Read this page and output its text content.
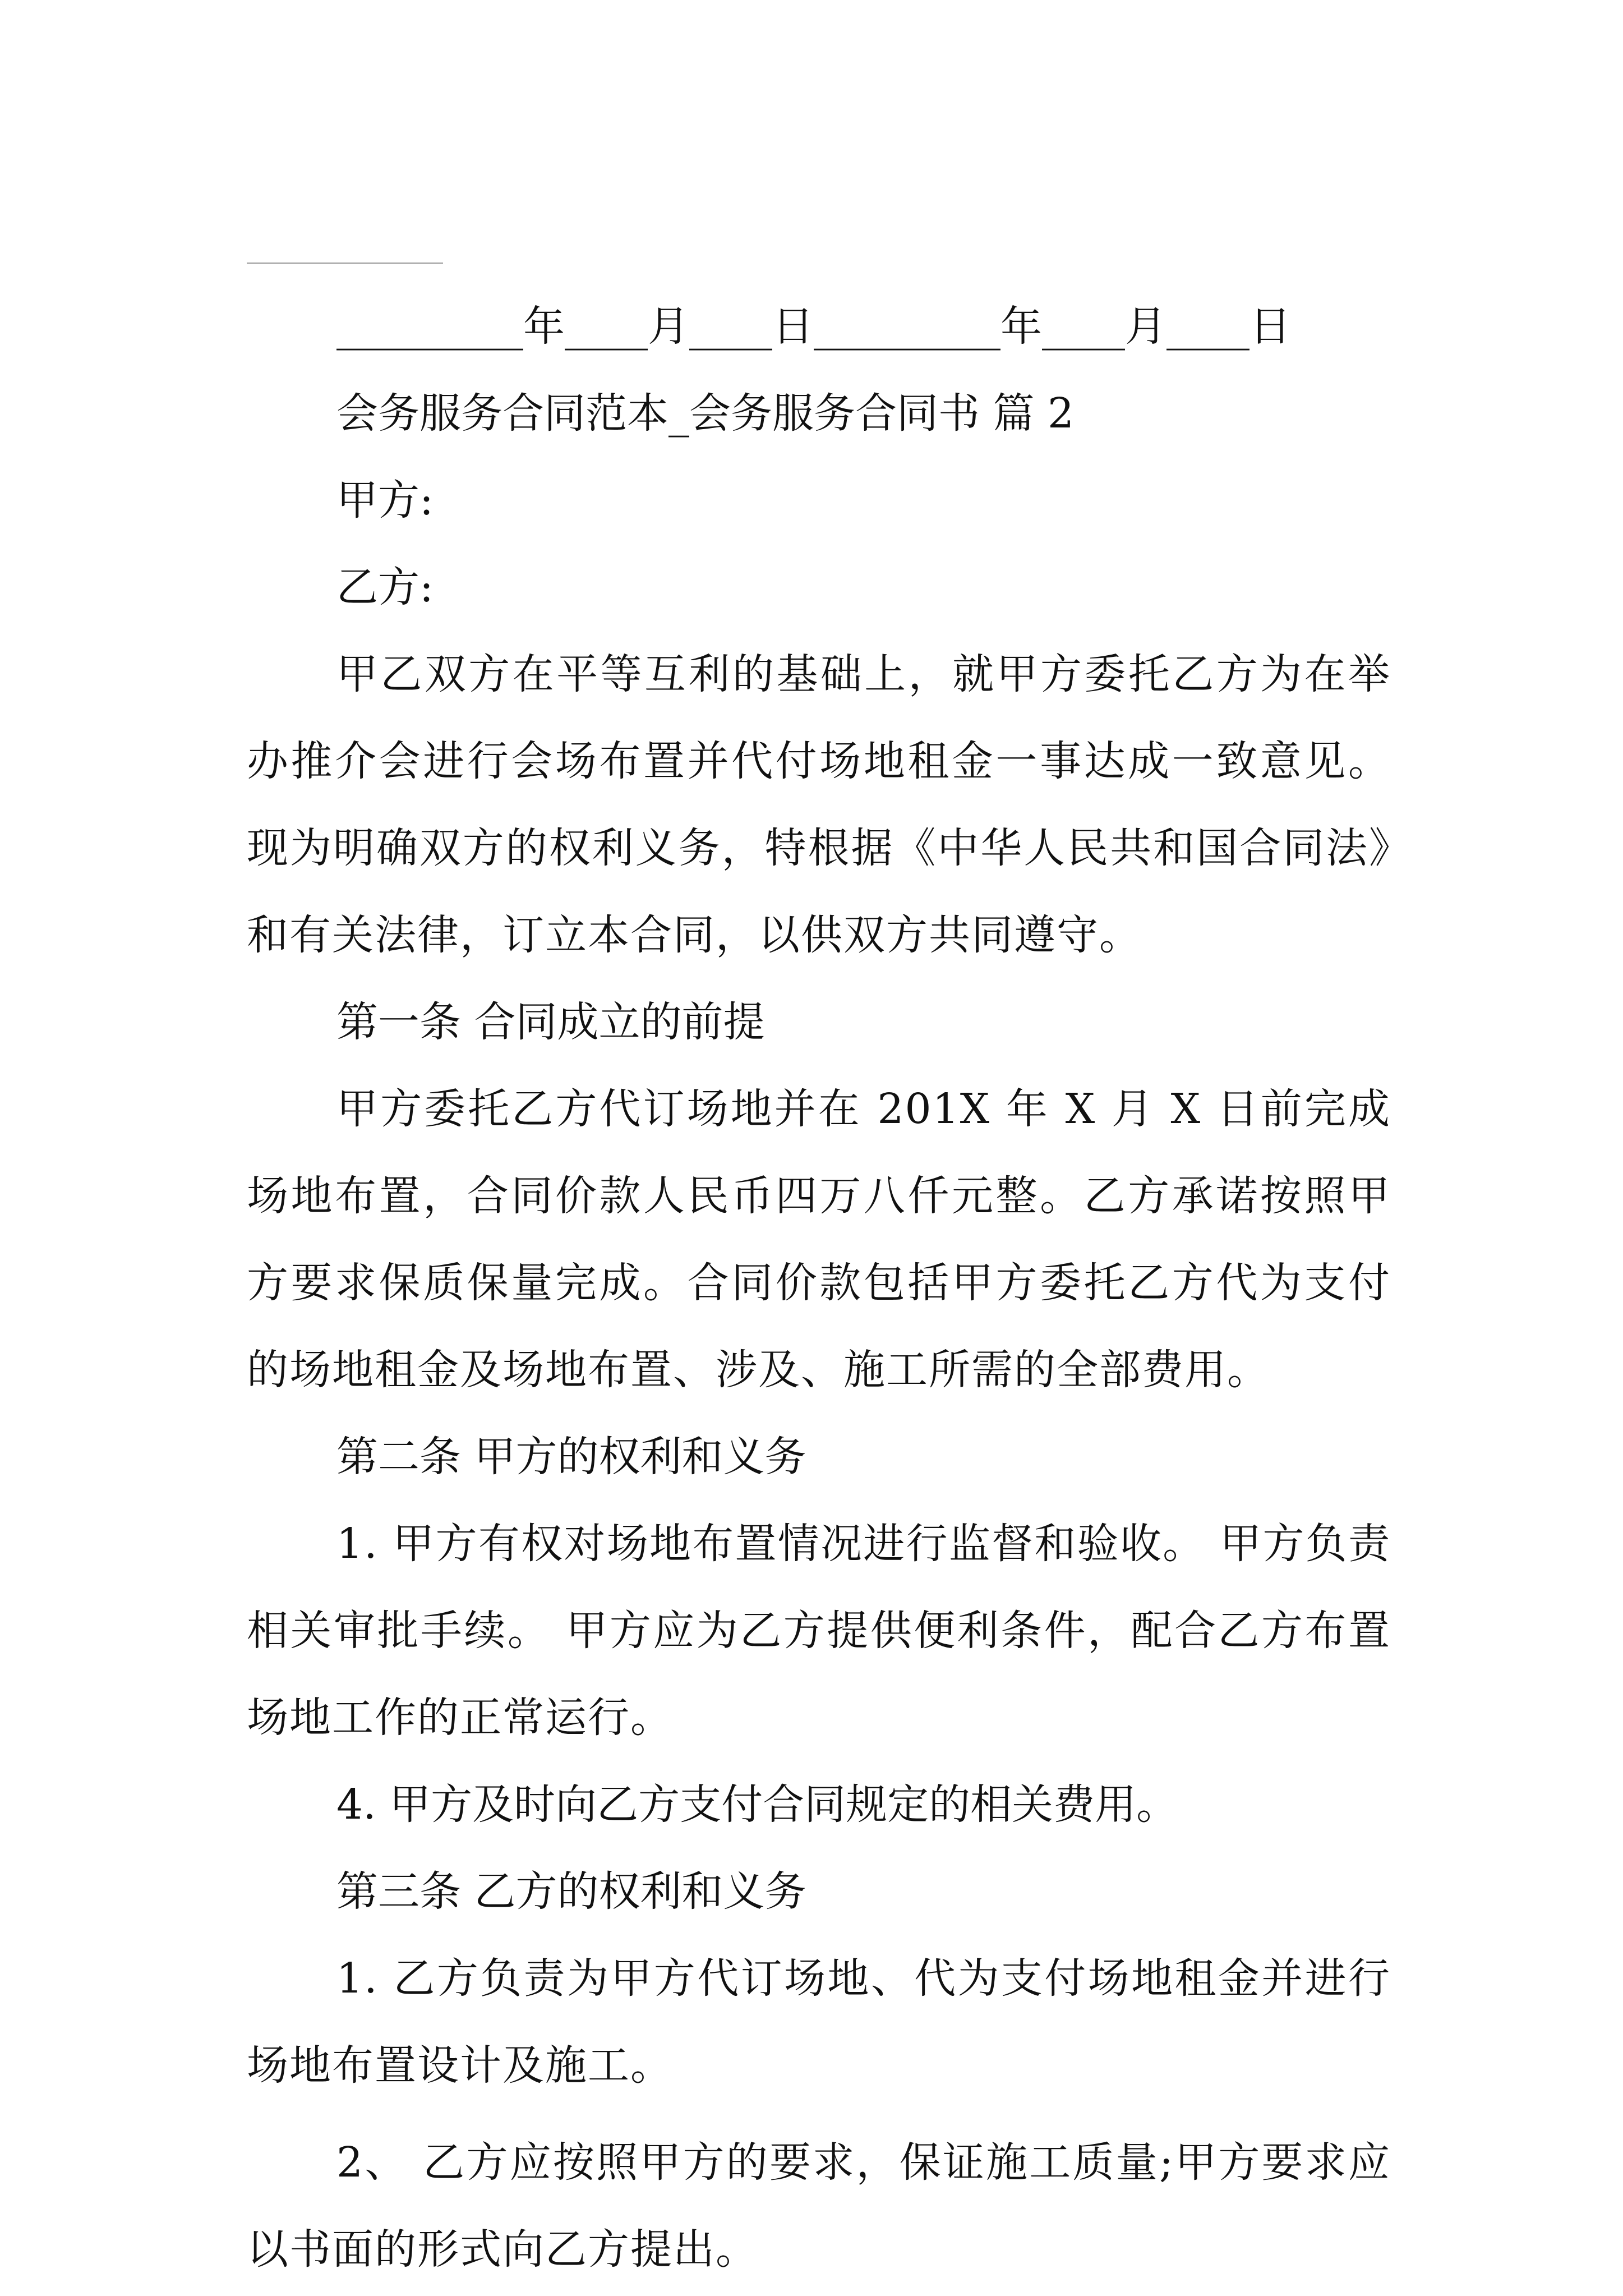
_________年____月____日_________年____月____日

会务服务合同范本_会务服务合同书 篇 2

甲方:

乙方:

甲乙双方在平等互利的基础上，就甲方委托乙方为在举办推介会进行会场布置并代付场地租金一事达成一致意见。现为明确双方的权利义务，特根据《中华人民共和国合同法》和有关法律，订立本合同，以供双方共同遵守。

第一条 合同成立的前提

甲方委托乙方代订场地并在 201X 年 X 月 X 日前完成场地布置，合同价款人民币四万八仟元整。乙方承诺按照甲方要求保质保量完成。合同价款包括甲方委托乙方代为支付的场地租金及场地布置、涉及、施工所需的全部费用。

第二条 甲方的权利和义务

1. 甲方有权对场地布置情况进行监督和验收。 甲方负责相关审批手续。 甲方应为乙方提供便利条件，配合乙方布置场地工作的正常运行。

4. 甲方及时向乙方支付合同规定的相关费用。

第三条 乙方的权利和义务

1. 乙方负责为甲方代订场地、代为支付场地租金并进行场地布置设计及施工。

2、 乙方应按照甲方的要求，保证施工质量;甲方要求应以书面的形式向乙方提出。
